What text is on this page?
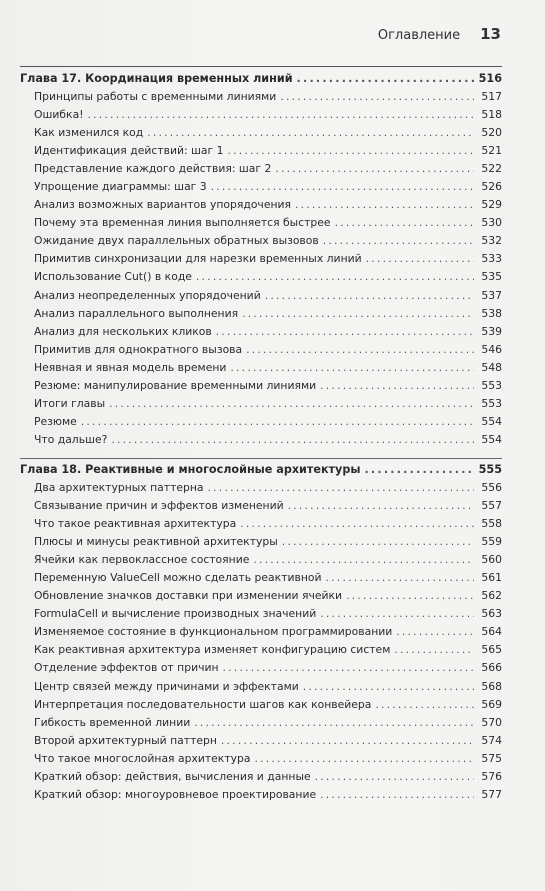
Оглавление 13
Глава 17. Координация временных линий .....	516
Принципы работы с временными линиями .....	517
Ошибка! .....	518
Как изменился код .....	520
Идентификация действий: шаг 1 .....	521
Представление каждого действия: шаг 2 .....	522
Упрощение диаграммы: шаг 3 .....	526
Анализ возможных вариантов упорядочения .....	529
Почему эта временная линия выполняется быстрее .....	530
Ожидание двух параллельных обратных вызовов .....	532
Примитив синхронизации для нарезки временных линий .....	533
Использование Cut() в коде .....	535
Анализ неопределенных упорядочений .....	537
Анализ параллельного выполнения .....	538
Анализ для нескольких кликов .....	539
Примитив для однократного вызова .....	546
Неявная и явная модель времени .....	548
Резюме: манипулирование временными линиями .....	553
Итоги главы .....	553
Резюме .....	554
Что дальше? .....	554
Глава 18. Реактивные и многослойные архитектуры .....	555
Два архитектурных паттерна .....	556
Связывание причин и эффектов изменений .....	557
Что такое реактивная архитектура .....	558
Плюсы и минусы реактивной архитектуры .....	559
Ячейки как первоклассное состояние .....	560
Переменную ValueCell можно сделать реактивной .....	561
Обновление значков доставки при изменении ячейки .....	562
FormulaCell и вычисление производных значений .....	563
Изменяемое состояние в функциональном программировании .....	564
Как реактивная архитектура изменяет конфигурацию систем .....	565
Отделение эффектов от причин .....	566
Центр связей между причинами и эффектами .....	568
Интерпретация последовательности шагов как конвейера .....	569
Гибкость временной линии .....	570
Второй архитектурный паттерн .....	574
Что такое многослойная архитектура .....	575
Краткий обзор: действия, вычисления и данные .....	576
Краткий обзор: многоуровневое проектирование .....	577
